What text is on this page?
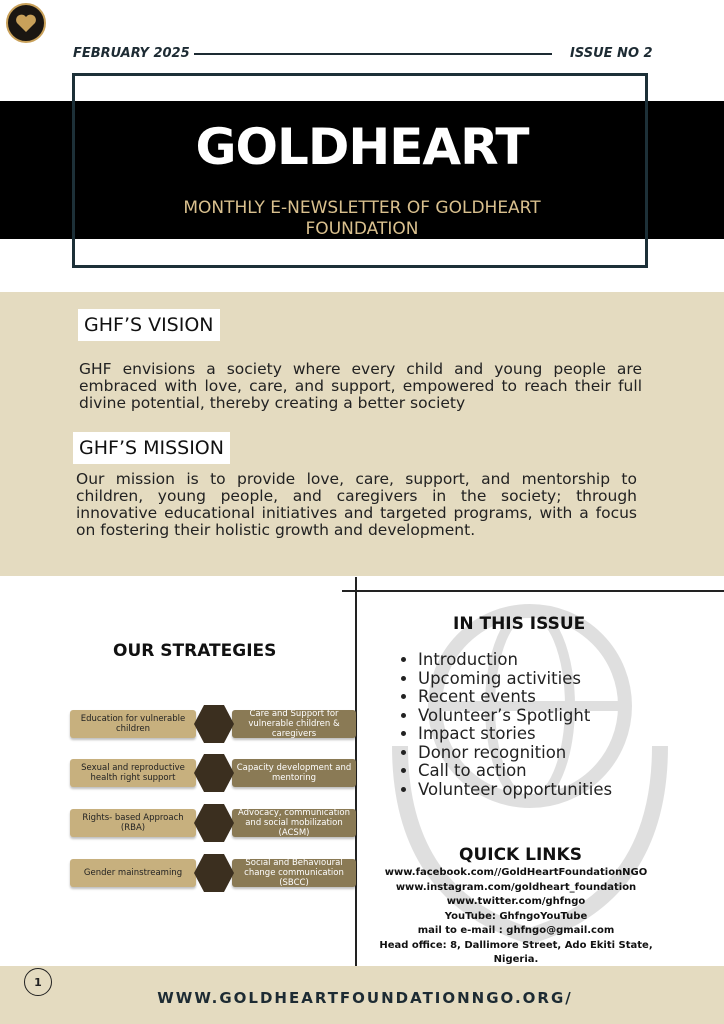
FEBRUARY 2025	ISSUE NO 2
GOLDHEART
MONTHLY E-NEWSLETTER OF GOLDHEART FOUNDATION
GHF’S VISION
GHF envisions a society where every child and young people are embraced with love, care, and support, empowered to reach their full divine potential, thereby creating a better society
GHF’S MISSION
Our mission is to provide love, care, support, and mentorship to children, young people, and caregivers in the society; through innovative educational initiatives and targeted programs, with a focus on fostering their holistic growth and development.
OUR STRATEGIES
Education for vulnerable children
Care and Support for vulnerable children & caregivers
Sexual and reproductive health right support
Capacity development and mentoring
Rights- based Approach (RBA)
Advocacy, communication and social mobilization (ACSM)
Gender mainstreaming
Social and Behavioural change communication (SBCC)
IN THIS ISSUE
• Introduction
• Upcoming activities
• Recent events
• Volunteer’s Spotlight
• Impact stories
• Donor recognition
• Call to action
• Volunteer opportunities
QUICK LINKS
www.facebook.com//GoldHeartFoundationNGO
www.instagram.com/goldheart_foundation
www.twitter.com/ghfngo
YouTube: GhfngoYouTube
mail to e-mail : ghfngo@gmail.com
Head office: 8, Dallimore Street, Ado Ekiti State, Nigeria.
1
WWW.GOLDHEARTFOUNDATIONNGO.ORG/
